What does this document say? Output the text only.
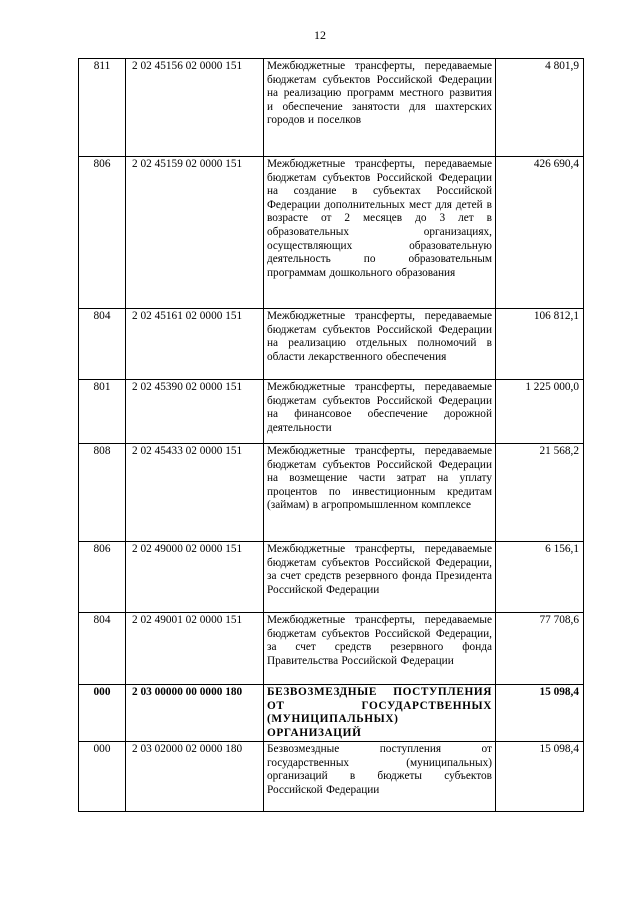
12
811	2 02 45156 02 0000 151	Межбюджетные трансферты, передаваемые бюджетам субъектов Российской Федерации на реализацию программ местного развития и обеспечение занятости для шахтерских городов и поселков	4 801,9
806	2 02 45159 02 0000 151	Межбюджетные трансферты, передаваемые бюджетам субъектов Российской Федерации на создание в субъектах Российской Федерации дополнительных мест для детей в возрасте от 2 месяцев до 3 лет в образовательных организациях, осуществляющих образовательную деятельность по образовательным программам дошкольного образования	426 690,4
804	2 02 45161 02 0000 151	Межбюджетные трансферты, передаваемые бюджетам субъектов Российской Федерации на реализацию отдельных полномочий в области лекарственного обеспечения	106 812,1
801	2 02 45390 02 0000 151	Межбюджетные трансферты, передаваемые бюджетам субъектов Российской Федерации на финансовое обеспечение дорожной деятельности	1 225 000,0
808	2 02 45433 02 0000 151	Межбюджетные трансферты, передаваемые бюджетам субъектов Российской Федерации на возмещение части затрат на уплату процентов по инвестиционным кредитам (займам) в агропромышленном комплексе	21 568,2
806	2 02 49000 02 0000 151	Межбюджетные трансферты, передаваемые бюджетам субъектов Российской Федерации, за счет средств резервного фонда Президента Российской Федерации	6 156,1
804	2 02 49001 02 0000 151	Межбюджетные трансферты, передаваемые бюджетам субъектов Российской Федерации, за счет средств резервного фонда Правительства Российской Федерации	77 708,6
000	2 03 00000 00 0000 180	БЕЗВОЗМЕЗДНЫЕ ПОСТУПЛЕНИЯ ОТ ГОСУДАРСТВЕННЫХ (МУНИЦИПАЛЬНЫХ) ОРГАНИЗАЦИЙ	15 098,4
000	2 03 02000 02 0000 180	Безвозмездные поступления от государственных (муниципальных) организаций в бюджеты субъектов Российской Федерации	15 098,4
